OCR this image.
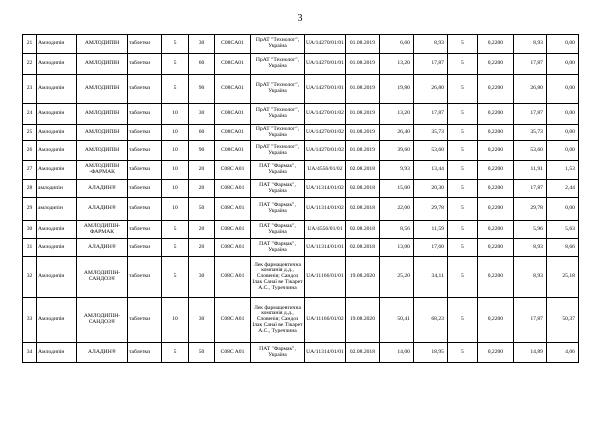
3
21	Амлодипін	АМЛОДИПІН	таблетки	5	30	C08CA01	ПрАТ "Технолог", Україна	UA/14270/01/01	01.08.2019	6,60	8,93	5	0,2200	8,93	0,00
22	Амлодипін	АМЛОДИПІН	таблетки	5	60	C08CA01	ПрАТ "Технолог", Україна	UA/14270/01/01	01.08.2019	13,20	17,87	5	0,2200	17,87	0,00
23	Амлодипін	АМЛОДИПІН	таблетки	5	90	C08CA01	ПрАТ "Технолог", Україна	UA/14270/01/01	01.08.2019	19,80	26,80	5	0,2200	26,80	0,00
24	Амлодипін	АМЛОДИПІН	таблетки	10	30	C08CA01	ПрАТ "Технолог", Україна	UA/14270/01/02	01.08.2019	13,20	17,87	5	0,2200	17,87	0,00
25	Амлодипін	АМЛОДИПІН	таблетки	10	60	C08CA01	ПрАТ "Технолог", Україна	UA/14270/01/02	01.08.2019	26,40	35,73	5	0,2200	35,73	0,00
26	Амлодипін	АМЛОДИПІН	таблетки	10	90	C08CA01	ПрАТ "Технолог", Україна	UA/14270/01/02	01.08.2019	39,60	53,60	5	0,2200	53,60	0,00
27	Амлодипін	АМЛОДИПІН -ФАРМАК	таблетки	10	20	C08C A01	ПАТ "Фармак", Україна	UA/4556/01/02	02.08.2018	9,93	13,44	5	0,2200	11,91	1,53
28	амлодипін	АЛАДИН®	таблетки	10	20	C08C A01	ПАТ "Фармак", Україна	UA/11314/01/02	02.08.2018	15,00	20,30	5	0,2200	17,87	2,44
29	амлодипін	АЛАДИН®	таблетки	10	50	C08C A01	ПАТ "Фармак", Україна	UA/11314/01/02	02.08.2018	22,00	29,78	5	0,2200	29,78	0,00
30	Амлодипін	АМЛОДИПІН-ФАРМАК	таблетки	5	20	C08C A01	ПАТ "Фармак", Україна	UA/4556/01/01	02.08.2018	8,56	11,59	5	0,2200	5,96	5,63
31	Амлодипін	АЛАДИН®	таблетки	5	20	C08C A01	ПАТ "Фармак", Україна	UA/11314/01/01	02.08.2018	13,00	17,60	5	0,2200	8,93	8,66
32	Амлодипін	АМЛОДИПІН-САНДОЗ®	таблетки	5	30	C08C A01	Лек фармацевтична компанія д.д., Словенія; Сандоз Ілак Санаї ве Тікарет А.С., Туреччина	UA/11166/01/01	19.08.2020	25,20	34,11	5	0,2200	8,93	25,18
33	Амлодипін	АМЛОДИПІН-САНДОЗ®	таблетки	10	30	C08C A01	Лек фармацевтична компанія д.д., Словенія; Сандоз Ілак Санаї ве Тікарет А.С., Туреччина	UA/11166/01/02	19.08.2020	50,41	68,23	5	0,2200	17,87	50,37
34	Амлодипін	АЛАДИН®	таблетки	5	50	C08C A01	ПАТ "Фармак", Україна	UA/11314/01/01	02.08.2018	14,00	18,95	5	0,2200	14,89	4,06
